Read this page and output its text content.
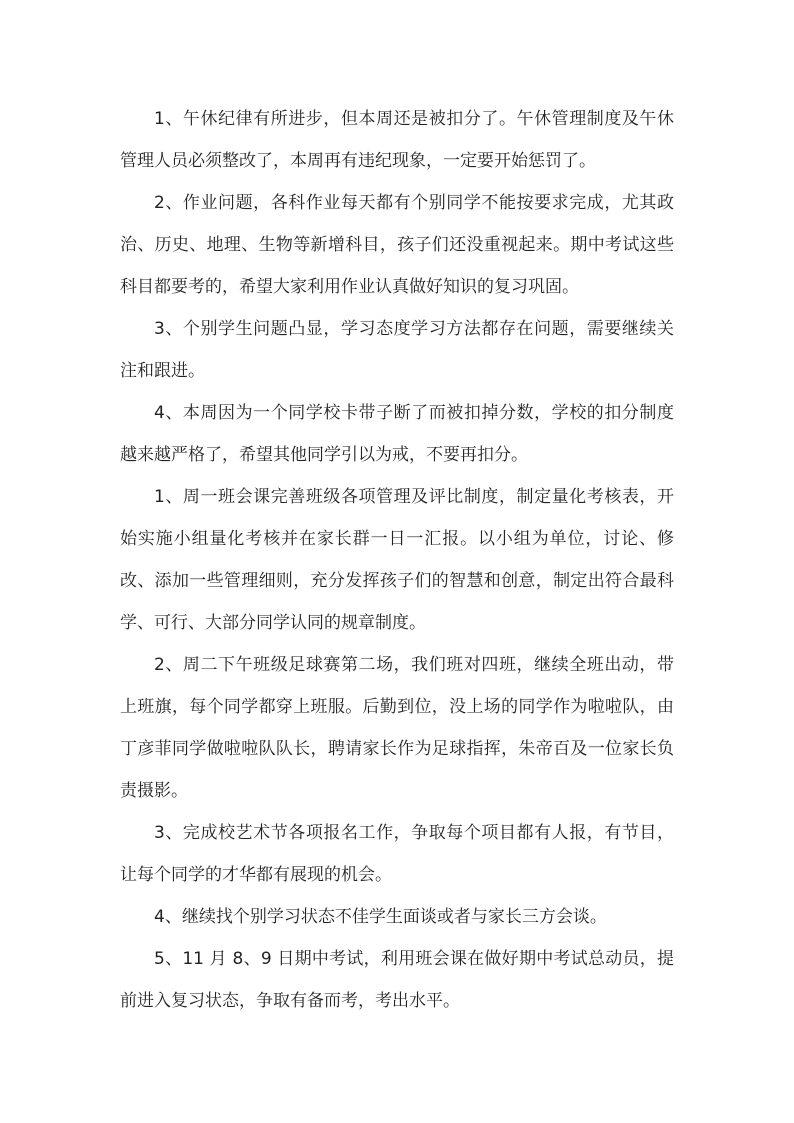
1、午休纪律有所进步，但本周还是被扣分了。午休管理制度及午休管理人员必须整改了，本周再有违纪现象，一定要开始惩罚了。

2、作业问题，各科作业每天都有个别同学不能按要求完成，尤其政治、历史、地理、生物等新增科目，孩子们还没重视起来。期中考试这些科目都要考的，希望大家利用作业认真做好知识的复习巩固。

3、个别学生问题凸显，学习态度学习方法都存在问题，需要继续关注和跟进。

4、本周因为一个同学校卡带子断了而被扣掉分数，学校的扣分制度越来越严格了，希望其他同学引以为戒，不要再扣分。

1、周一班会课完善班级各项管理及评比制度，制定量化考核表，开始实施小组量化考核并在家长群一日一汇报。以小组为单位，讨论、修改、添加一些管理细则，充分发挥孩子们的智慧和创意，制定出符合最科学、可行、大部分同学认同的规章制度。

2、周二下午班级足球赛第二场，我们班对四班，继续全班出动，带上班旗，每个同学都穿上班服。后勤到位，没上场的同学作为啦啦队，由丁彦菲同学做啦啦队队长，聘请家长作为足球指挥，朱帝百及一位家长负责摄影。

3、完成校艺术节各项报名工作，争取每个项目都有人报，有节目，让每个同学的才华都有展现的机会。

4、继续找个别学习状态不佳学生面谈或者与家长三方会谈。

5、11 月 8、9 日期中考试，利用班会课在做好期中考试总动员，提前进入复习状态，争取有备而考，考出水平。
